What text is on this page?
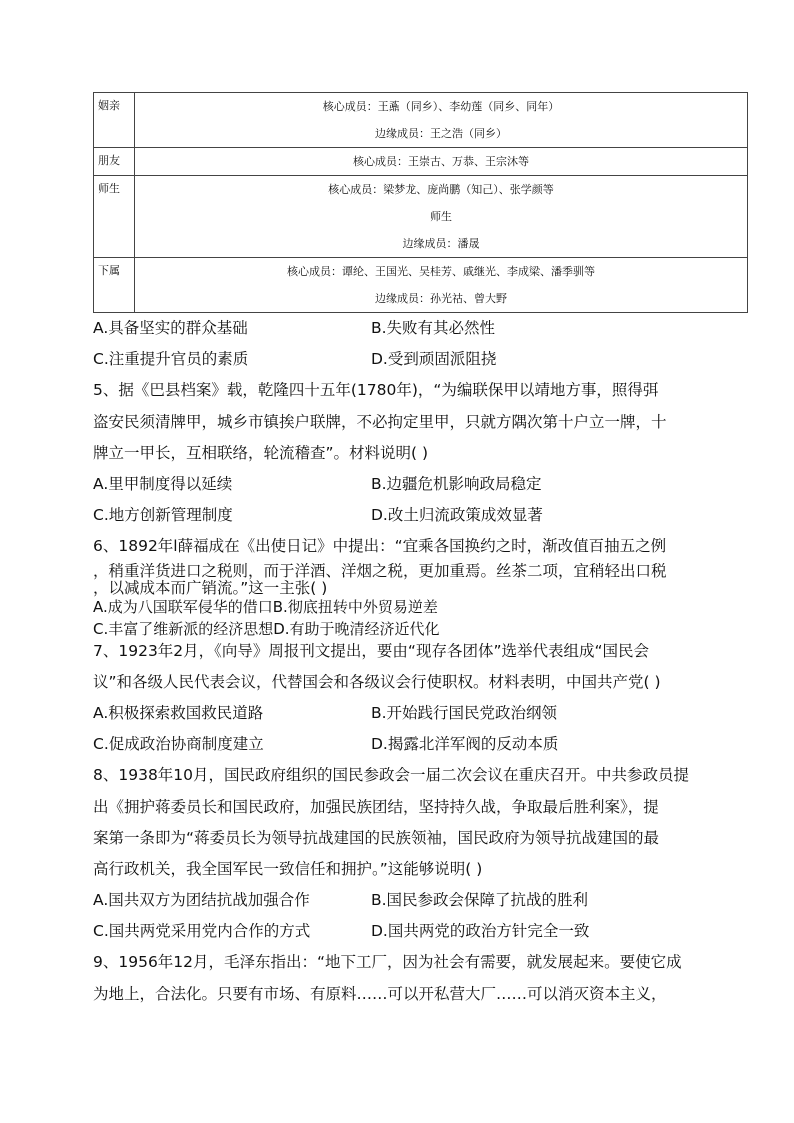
姻亲	核心成员：王鼒（同乡）、李幼莲（同乡、同年）
边缘成员：王之浩（同乡）

朋友	核心成员：王崇古、万恭、王宗沐等

师生	核心成员：梁梦龙、庞尚鹏（知己）、张学颜等
师生
边缘成员：潘晟

下属	核心成员：谭纶、王国光、吴桂芳、戚继光、李成梁、潘季驯等
边缘成员：孙光祜、曾大野
A.具备坚实的群众基础	B.失败有其必然性
C.注重提升官员的素质	D.受到顽固派阻挠
5、据《巴县档案》载，乾隆四十五年(1780年)，“为编联保甲以靖地方事，照得弭
盗安民须清牌甲，城乡市镇挨户联牌，不必拘定里甲，只就方隅次第十户立一牌，十
牌立一甲长，互相联络，轮流稽查”。材料说明( )
A.里甲制度得以延续	B.边疆危机影响政局稳定
C.地方创新管理制度	D.改土归流政策成效显著
6、1892年l薛福成在《出使日记》中提出：“宜乘各国换约之时，渐改值百抽五之例
，稍重洋货进口之税则，而于洋酒、洋烟之税，更加重焉。丝茶二项，宜稍轻出口税
，以减成本而广销流。”这一主张( )
A.成为八国联军侵华的借口B.彻底扭转中外贸易逆差
C.丰富了维新派的经济思想D.有助于晚清经济近代化
7、1923年2月，《向导》周报刊文提出，要由“现存各团体”选举代表组成“国民会
议”和各级人民代表会议，代替国会和各级议会行使职权。材料表明，中国共产党( )
A.积极探索救国救民道路	B.开始践行国民党政治纲领
C.促成政治协商制度建立	D.揭露北洋军阀的反动本质
8、1938年10月，国民政府组织的国民参政会一届二次会议在重庆召开。中共参政员提
出《拥护蒋委员长和国民政府，加强民族团结，坚持持久战，争取最后胜利案》，提
案第一条即为“蒋委员长为领导抗战建国的民族领袖，国民政府为领导抗战建国的最
高行政机关，我全国军民一致信任和拥护。”这能够说明( )
A.国共双方为团结抗战加强合作	B.国民参政会保障了抗战的胜利
C.国共两党采用党内合作的方式	D.国共两党的政治方针完全一致
9、1956年12月，毛泽东指出：“地下工厂，因为社会有需要，就发展起来。要使它成
为地上，合法化。只要有市场、有原料……可以开私营大厂……可以消灭资本主义，
